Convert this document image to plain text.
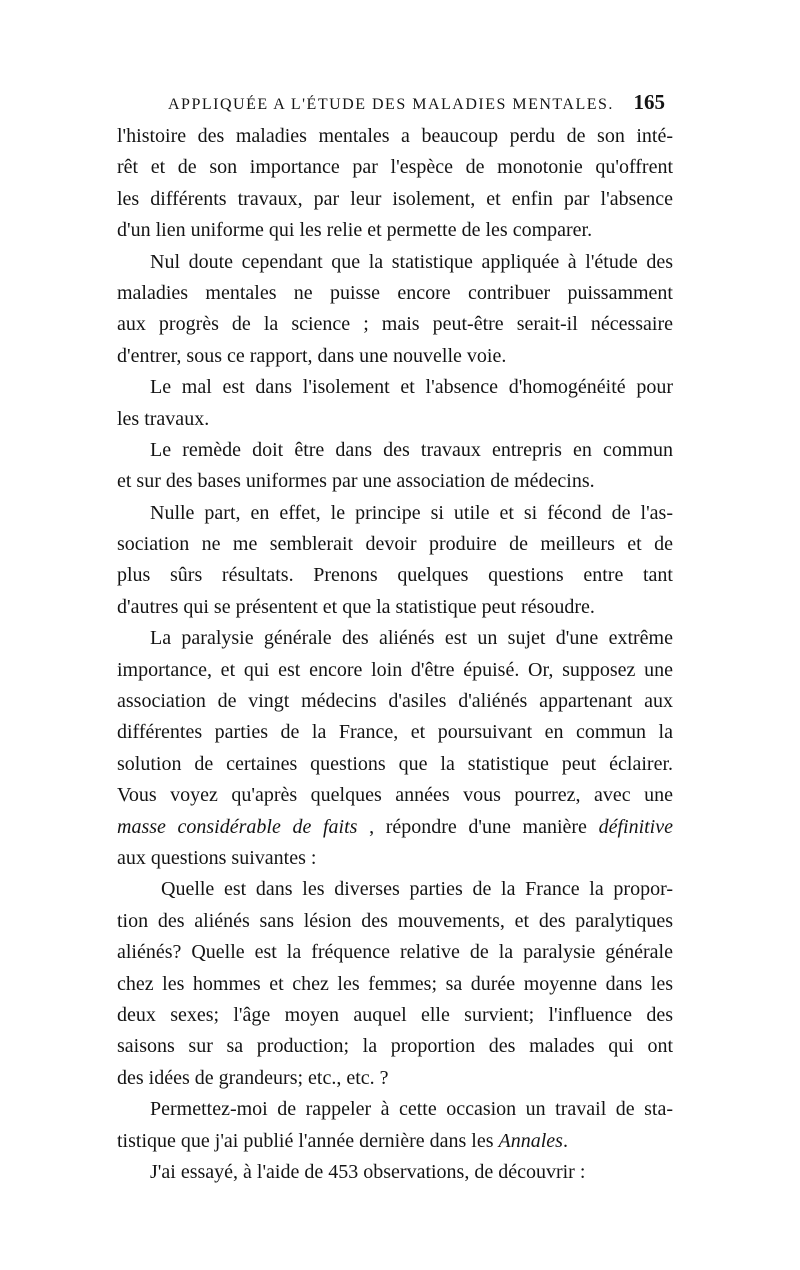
APPLIQUÉE A L'ÉTUDE DES MALADIES MENTALES. 165
l'histoire des maladies mentales a beaucoup perdu de son inté-
rêt et de son importance par l'espèce de monotonie qu'offrent
les différents travaux, par leur isolement, et enfin par l'absence
d'un lien uniforme qui les relie et permette de les comparer.
Nul doute cependant que la statistique appliquée à l'étude des
maladies mentales ne puisse encore contribuer puissamment
aux progrès de la science ; mais peut-être serait-il nécessaire
d'entrer, sous ce rapport, dans une nouvelle voie.
Le mal est dans l'isolement et l'absence d'homogénéité pour
les travaux.
Le remède doit être dans des travaux entrepris en commun
et sur des bases uniformes par une association de médecins.
Nulle part, en effet, le principe si utile et si fécond de l'as-
sociation ne me semblerait devoir produire de meilleurs et de
plus sûrs résultats. Prenons quelques questions entre tant
d'autres qui se présentent et que la statistique peut résoudre.
La paralysie générale des aliénés est un sujet d'une extrême
importance, et qui est encore loin d'être épuisé. Or, supposez une
association de vingt médecins d'asiles d'aliénés appartenant aux
différentes parties de la France, et poursuivant en commun la
solution de certaines questions que la statistique peut éclairer.
Vous voyez qu'après quelques années vous pourrez, avec une
masse considérable de faits , répondre d'une manière définitive
aux questions suivantes :
Quelle est dans les diverses parties de la France la propor-
tion des aliénés sans lésion des mouvements, et des paralytiques
aliénés? Quelle est la fréquence relative de la paralysie générale
chez les hommes et chez les femmes; sa durée moyenne dans les
deux sexes; l'âge moyen auquel elle survient; l'influence des
saisons sur sa production; la proportion des malades qui ont
des idées de grandeurs; etc., etc. ?
Permettez-moi de rappeler à cette occasion un travail de sta-
tistique que j'ai publié l'année dernière dans les Annales.
J'ai essayé, à l'aide de 453 observations, de découvrir :
